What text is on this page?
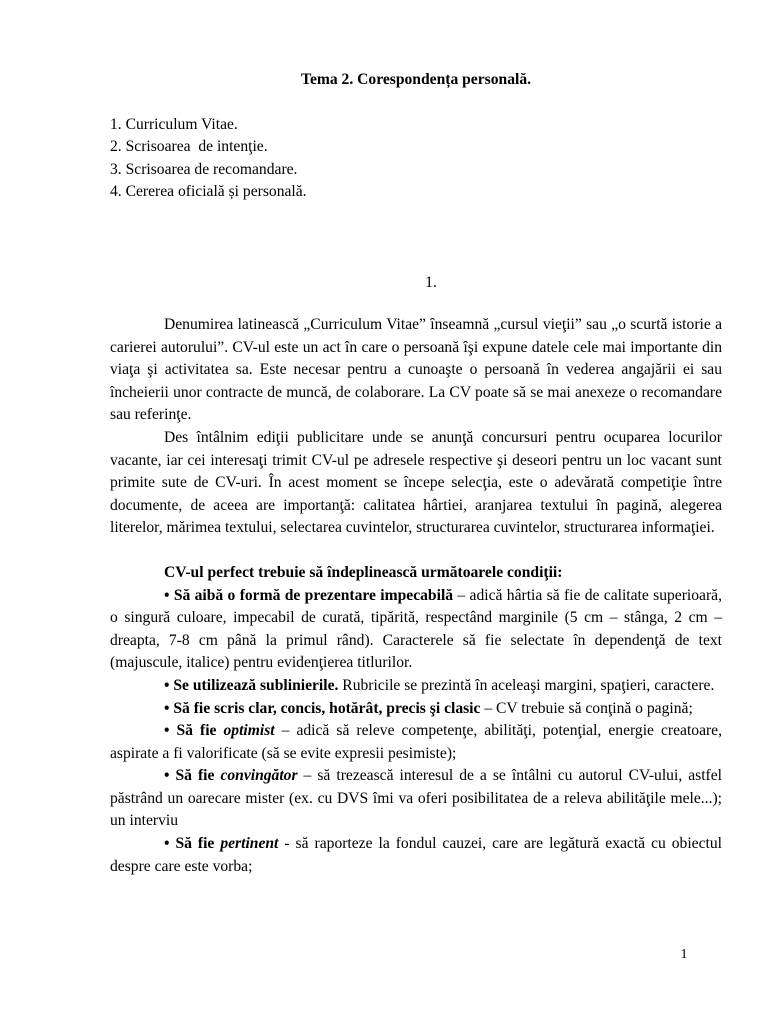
Tema 2. Corespondența personală.
1. Curriculum Vitae.
2. Scrisoarea  de intenţie.
3. Scrisoarea de recomandare.
4. Cererea oficială și personală.
1.

Denumirea latinească „Curriculum Vitae” înseamnă „cursul vieţii” sau „o scurtă istorie a carierei autorului”. CV-ul este un act în care o persoană îşi expune datele cele mai importante din viaţa şi activitatea sa. Este necesar pentru a cunoaşte o persoană în vederea angajării ei sau încheierii unor contracte de muncă, de colaborare. La CV poate să se mai anexeze o recomandare sau referinţe.

Des întâlnim ediţii publicitare unde se anunţă concursuri pentru ocuparea locurilor vacante, iar cei interesaţi trimit CV-ul pe adresele respective şi deseori pentru un loc vacant sunt primite sute de CV-uri. În acest moment se începe selecţia, este o adevărată competiţie între documente, de aceea are importanţă: calitatea hârtiei, aranjarea textului în pagină, alegerea literelor, mărimea textului, selectarea cuvintelor, structurarea cuvintelor, structurarea informaţiei.

CV-ul perfect trebuie să îndeplinească următoarele condiţii:

• Să aibă o formă de prezentare impecabilă – adică hârtia să fie de calitate superioară, o singură culoare, impecabil de curată, tipărită, respectând marginile (5 cm – stânga, 2 cm – dreapta, 7-8 cm până la primul rând). Caracterele să fie selectate în dependenţă de text (majuscule, italice) pentru evidenţierea titlurilor.

• Se utilizează sublinierile. Rubricile se prezintă în aceleaşi margini, spaţieri, caractere.

• Să fie scris clar, concis, hotărât, precis şi clasic – CV trebuie să conţină o pagină;

• Să fie optimist – adică să releve competenţe, abilităţi, potenţial, energie creatoare, aspirate a fi valorificate (să se evite expresii pesimiste);

• Să fie convingător – să trezească interesul de a se întâlni cu autorul CV-ului, astfel păstrând un oarecare mister (ex. cu DVS îmi va oferi posibilitatea de a releva abilităţile mele...); un interviu

• Să fie pertinent - să raporteze la fondul cauzei, care are legătură exactă cu obiectul despre care este vorba;

1
